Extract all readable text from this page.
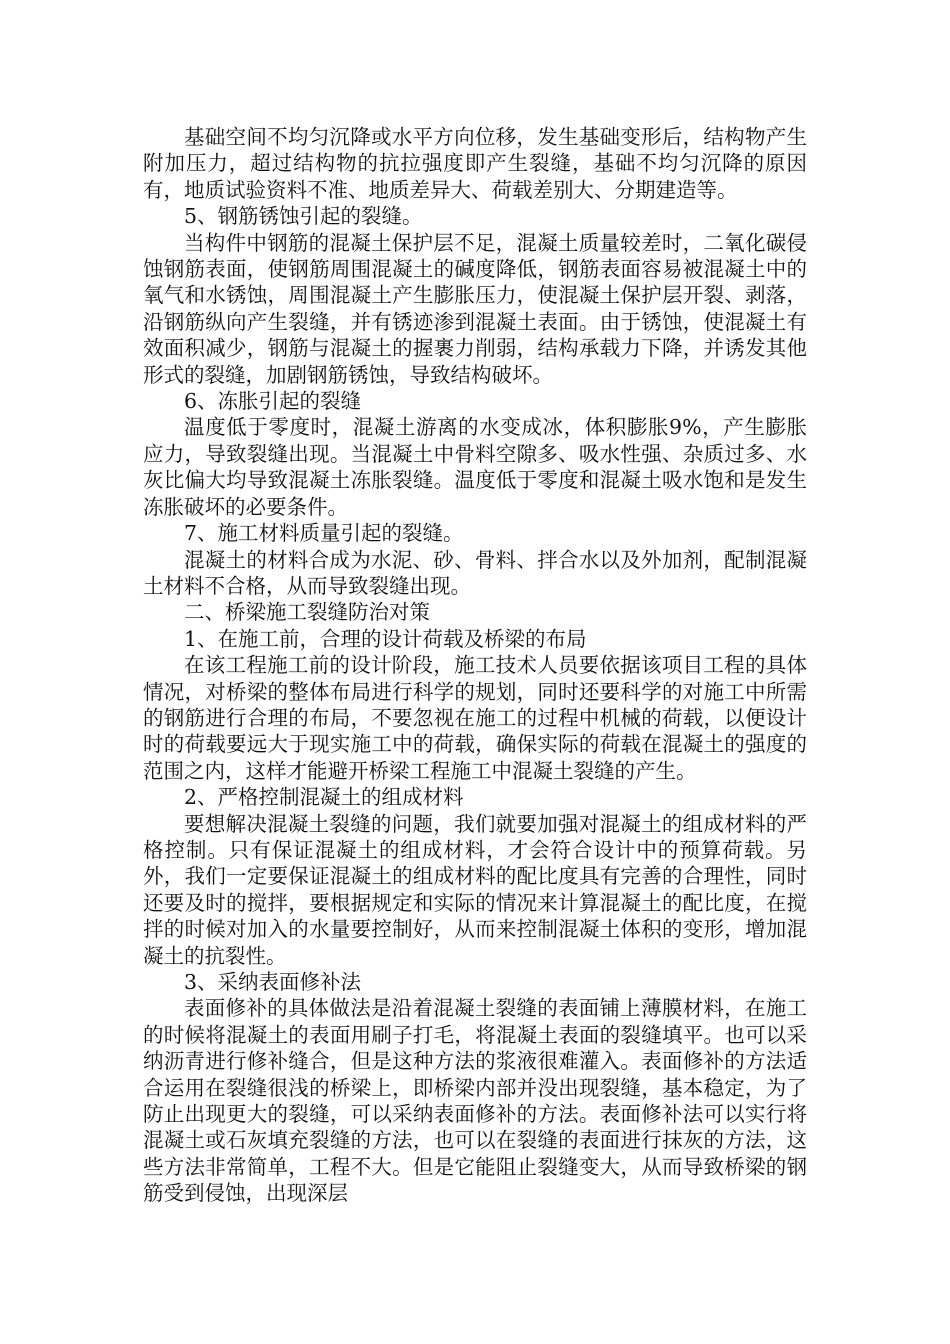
基础空间不均匀沉降或水平方向位移，发生基础变形后，结构物产生附加压力，超过结构物的抗拉强度即产生裂缝，基础不均匀沉降的原因有，地质试验资料不准、地质差异大、荷载差别大、分期建造等。

5、钢筋锈蚀引起的裂缝。

当构件中钢筋的混凝土保护层不足，混凝土质量较差时，二氧化碳侵蚀钢筋表面，使钢筋周围混凝土的碱度降低，钢筋表面容易被混凝土中的氧气和水锈蚀，周围混凝土产生膨胀压力，使混凝土保护层开裂、剥落，沿钢筋纵向产生裂缝，并有锈迹渗到混凝土表面。由于锈蚀，使混凝土有效面积减少，钢筋与混凝土的握裹力削弱，结构承载力下降，并诱发其他形式的裂缝，加剧钢筋锈蚀，导致结构破坏。

6、冻胀引起的裂缝

温度低于零度时，混凝土游离的水变成冰，体积膨胀9%，产生膨胀应力，导致裂缝出现。当混凝土中骨料空隙多、吸水性强、杂质过多、水灰比偏大均导致混凝土冻胀裂缝。温度低于零度和混凝土吸水饱和是发生冻胀破坏的必要条件。

7、施工材料质量引起的裂缝。

混凝土的材料合成为水泥、砂、骨料、拌合水以及外加剂，配制混凝土材料不合格，从而导致裂缝出现。

二、桥梁施工裂缝防治对策

1、在施工前，合理的设计荷载及桥梁的布局

在该工程施工前的设计阶段，施工技术人员要依据该项目工程的具体情况，对桥梁的整体布局进行科学的规划，同时还要科学的对施工中所需的钢筋进行合理的布局，不要忽视在施工的过程中机械的荷载，以便设计时的荷载要远大于现实施工中的荷载，确保实际的荷载在混凝土的强度的范围之内，这样才能避开桥梁工程施工中混凝土裂缝的产生。

2、严格控制混凝土的组成材料

要想解决混凝土裂缝的问题，我们就要加强对混凝土的组成材料的严格控制。只有保证混凝土的组成材料，才会符合设计中的预算荷载。另外，我们一定要保证混凝土的组成材料的配比度具有完善的合理性，同时还要及时的搅拌，要根据规定和实际的情况来计算混凝土的配比度，在搅拌的时候对加入的水量要控制好，从而来控制混凝土体积的变形，增加混凝土的抗裂性。

3、采纳表面修补法

表面修补的具体做法是沿着混凝土裂缝的表面铺上薄膜材料，在施工的时候将混凝土的表面用刷子打毛，将混凝土表面的裂缝填平。也可以采纳沥青进行修补缝合，但是这种方法的浆液很难灌入。表面修补的方法适合运用在裂缝很浅的桥梁上，即桥梁内部并没出现裂缝，基本稳定，为了防止出现更大的裂缝，可以采纳表面修补的方法。表面修补法可以实行将混凝土或石灰填充裂缝的方法，也可以在裂缝的表面进行抹灰的方法，这些方法非常简单，工程不大。但是它能阻止裂缝变大，从而导致桥梁的钢筋受到侵蚀，出现深层
